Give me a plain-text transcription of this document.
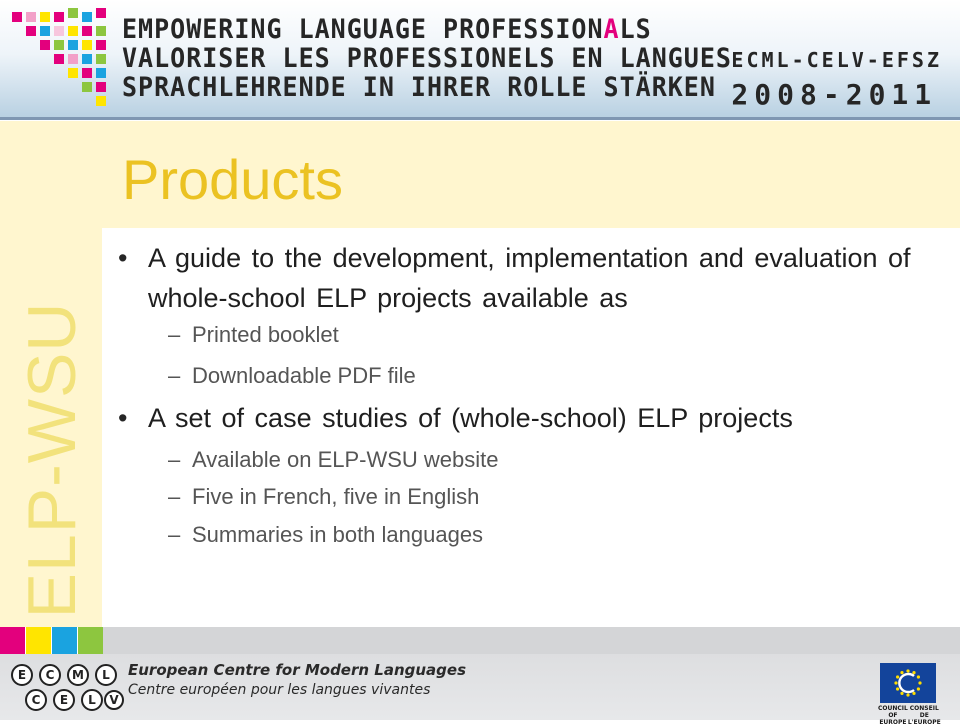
EMPOWERING LANGUAGE PROFESSIONALS
VALORISER LES PROFESSIONELS EN LANGUES
SPRACHLEHRENDE IN IHRER ROLLE STÄRKEN
ECML-CELV-EFSZ
2008-2011
ELP-WSU
Products
• A guide to the development, implementation and evaluation of whole-school ELP projects available as
– Printed booklet
– Downloadable PDF file
• A set of case studies of (whole-school) ELP projects
– Available on ELP-WSU website
– Five in French, five in English
– Summaries in both languages
E C M L
C E L V
European Centre for Modern Languages
Centre européen pour les langues vivantes
COUNCIL OF EUROPE
CONSEIL DE L'EUROPE
